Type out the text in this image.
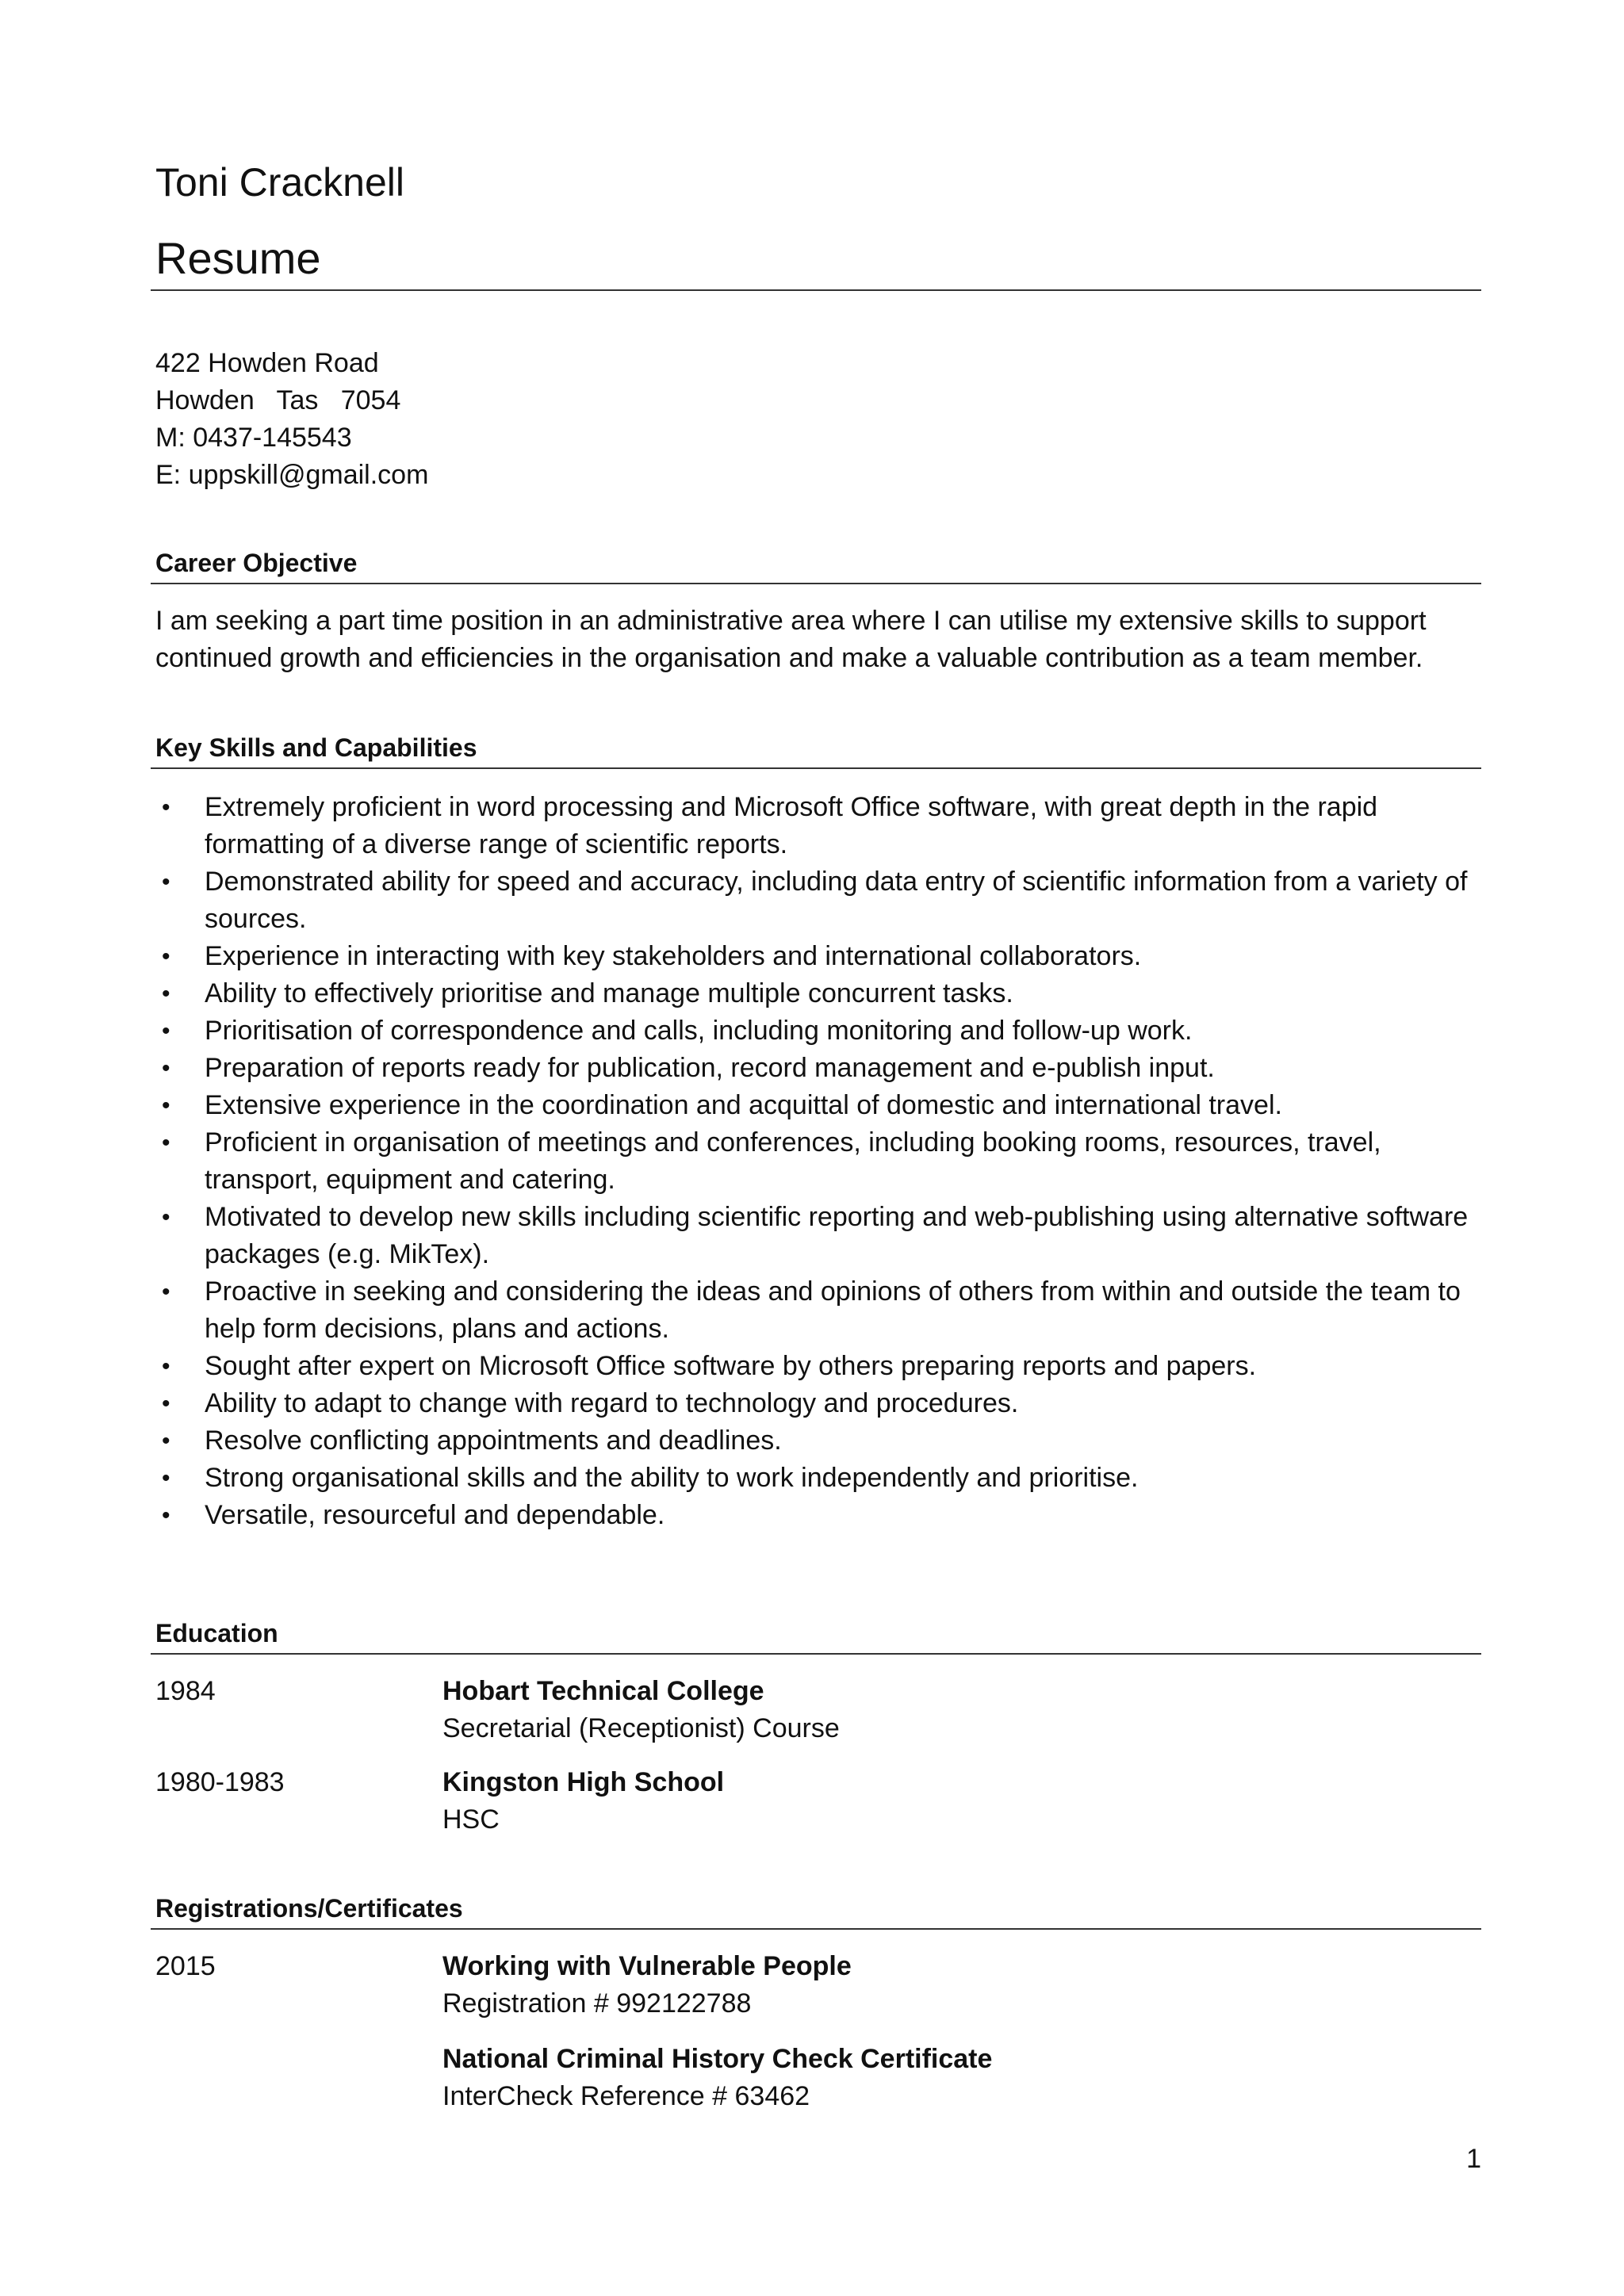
Toni Cracknell
Resume
422 Howden Road
Howden   Tas   7054
M: 0437-145543
E: uppskill@gmail.com
Career Objective
I am seeking a part time position in an administrative area where I can utilise my extensive skills to support continued growth and efficiencies in the organisation and make a valuable contribution as a team member.
Key Skills and Capabilities
•	Extremely proficient in word processing and Microsoft Office software, with great depth in the rapid formatting of a diverse range of scientific reports.
•	Demonstrated ability for speed and accuracy, including data entry of scientific information from a variety of sources.
•	Experience in interacting with key stakeholders and international collaborators.
•	Ability to effectively prioritise and manage multiple concurrent tasks.
•	Prioritisation of correspondence and calls, including monitoring and follow-up work.
•	Preparation of reports ready for publication, record management and e-publish input.
•	Extensive experience in the coordination and acquittal of domestic and international travel.
•	Proficient in organisation of meetings and conferences, including booking rooms, resources, travel, transport, equipment and catering.
•	Motivated to develop new skills including scientific reporting and web-publishing using alternative software packages (e.g. MikTex).
•	Proactive in seeking and considering the ideas and opinions of others from within and outside the team to help form decisions, plans and actions.
•	Sought after expert on Microsoft Office software by others preparing reports and papers.
•	Ability to adapt to change with regard to technology and procedures.
•	Resolve conflicting appointments and deadlines.
•	Strong organisational skills and the ability to work independently and prioritise.
•	Versatile, resourceful and dependable.
Education
1984	Hobart Technical College
Secretarial (Receptionist) Course
1980-1983	Kingston High School
HSC
Registrations/Certificates
2015	Working with Vulnerable People
Registration # 992122788
National Criminal History Check Certificate
InterCheck Reference # 63462
1
